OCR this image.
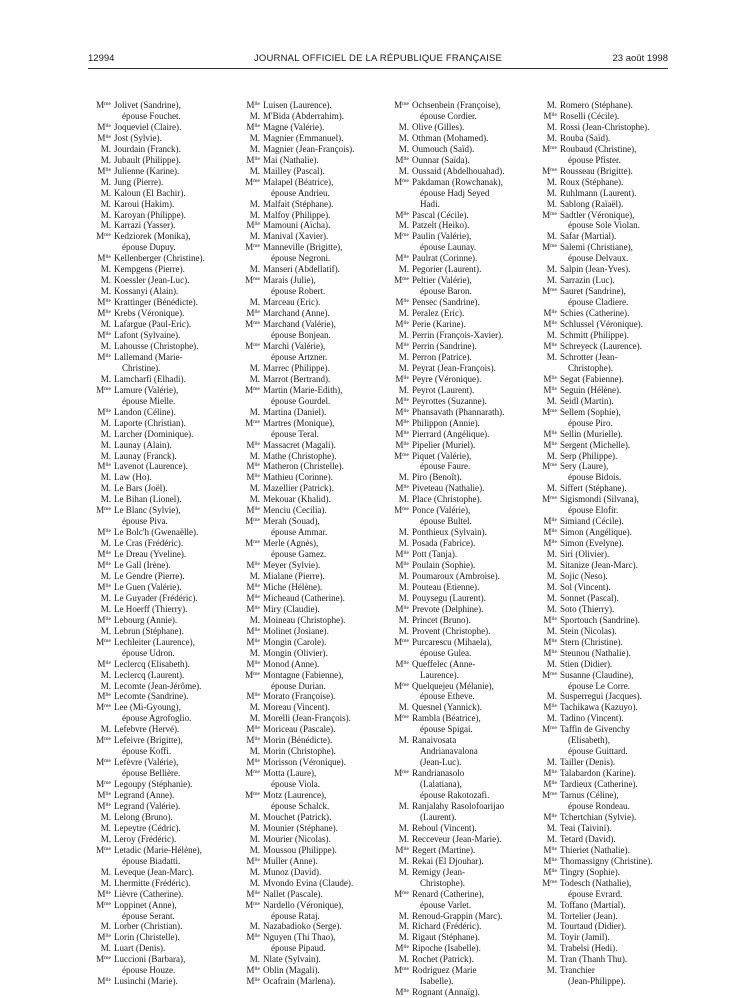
12994	JOURNAL OFFICIEL DE LA RÉPUBLIQUE FRANÇAISE	23 août 1998
$M^{me}$ Jolivet (Sandrine),
épouse Fouchet.
$M^{lle}$ Joqueviel (Claire).
$M^{lle}$ Jost (Sylvie).
M. Jourdain (Franck).
M. Jubault (Philippe).
$M^{lle}$ Julienne (Karine).
M. Jung (Pierre).
M. Kaloun (El Bachir).
M. Karoui (Hakim).
M. Karoyan (Philippe).
M. Karrazi (Yasser).
$M^{me}$ Kedziorek (Monika),
épouse Dupuy.
$M^{lle}$ Kellenberger (Christine).
M. Kempgens (Pierre).
M. Koessler (Jean-Luc).
M. Kossanyi (Alain).
$M^{lle}$ Krattinger (Bénédicte).
$M^{lle}$ Krebs (Véronique).
M. Lafargue (Paul-Eric).
$M^{lle}$ Lafont (Sylvaine).
M. Lahousse (Christophe).
$M^{lle}$ Lallemand (Marie-
Christine).
M. Lamcharfi (Elhadi).
$M^{me}$ Lamure (Valérie),
épouse Mielle.
$M^{lle}$ Landon (Céline).
M. Laporte (Christian).
M. Larcher (Dominique).
M. Launay (Alain).
M. Launay (Franck).
$M^{lle}$ Lavenot (Laurence).
M. Law (Ho).
M. Le Bars (Joël).
M. Le Bihan (Lionel).
$M^{me}$ Le Blanc (Sylvie),
épouse Piva.
$M^{lle}$ Le Bolc'h (Gwenaëlle).
M. Le Cras (Frédéric).
$M^{lle}$ Le Dreau (Yveline).
$M^{lle}$ Le Gall (Irène).
M. Le Gendre (Pierre).
$M^{lle}$ Le Guen (Valérie).
M. Le Guyader (Frédéric).
M. Le Hoerff (Thierry).
$M^{lle}$ Lebourg (Annie).
M. Lebrun (Stéphane).
$M^{me}$ Lechleiter (Laurence),
épouse Udron.
$M^{lle}$ Leclercq (Elisabeth).
M. Leclercq (Laurent).
M. Lecomte (Jean-Jérôme).
$M^{lle}$ Lecomte (Sandrine).
$M^{me}$ Lee (Mi-Gyoung),
épouse Agrofoglio.
M. Lefebvre (Hervé).
$M^{me}$ Lefeivre (Brigitte),
épouse Koffi.
$M^{me}$ Lefèvre (Valérie),
épouse Bellière.
$M^{me}$ Legoupy (Stéphanie).
$M^{lle}$ Legrand (Anne).
$M^{lle}$ Legrand (Valérie).
M. Lelong (Bruno).
M. Lepeytre (Cédric).
M. Leroy (Frédéric).
$M^{me}$ Letadic (Marie-Hélène),
épouse Biadatti.
M. Leveque (Jean-Marc).
M. Lhermitte (Frédéric).
$M^{lle}$ Lièvre (Catherine).
$M^{me}$ Loppinet (Anne),
épouse Serant.
M. Lorber (Christian).
$M^{lle}$ Lorin (Christelle).
M. Luart (Denis).
$M^{me}$ Luccioni (Barbara),
épouse Houze.
$M^{lle}$ Lusinchi (Marie).
$M^{lle}$ Luisen (Laurence).
M. M'Bida (Abderrahim).
$M^{lle}$ Magne (Valérie).
M. Magnier (Emmanuel).
M. Magnier (Jean-François).
$M^{lle}$ Mai (Nathalie).
M. Mailley (Pascal).
$M^{me}$ Malapel (Béatrice),
épouse Andrieu.
M. Malfait (Stéphane).
M. Malfoy (Philippe).
$M^{lle}$ Mamouni (Aïcha).
M. Manival (Xavier).
$M^{me}$ Manneville (Brigitte),
épouse Negroni.
M. Manseri (Abdellatif).
$M^{me}$ Marais (Julie),
épouse Robert.
M. Marceau (Eric).
$M^{lle}$ Marchand (Anne).
$M^{me}$ Marchand (Valérie),
épouse Bonjean.
$M^{me}$ Marchi (Valérie),
épouse Artzner.
M. Marrec (Philippe).
M. Marrot (Bertrand).
$M^{me}$ Martin (Marie-Edith),
épouse Gourdel.
M. Martina (Daniel).
$M^{me}$ Martres (Monique),
épouse Teral.
$M^{lle}$ Massacret (Magali).
M. Mathe (Christophe).
$M^{lle}$ Matheron (Christelle).
$M^{lle}$ Mathieu (Corinne).
M. Mazellier (Patrick).
M. Mekouar (Khalid).
$M^{lle}$ Menciu (Cecilia).
$M^{me}$ Merah (Souad),
épouse Ammar.
$M^{me}$ Merle (Agnès),
épouse Gamez.
$M^{lle}$ Meyer (Sylvie).
M. Mialane (Pierre).
$M^{lle}$ Miche (Hélène).
$M^{lle}$ Micheaud (Catherine).
$M^{lle}$ Miry (Claudie).
M. Moineau (Christophe).
$M^{lle}$ Molinet (Josiane).
$M^{lle}$ Mongin (Carole).
M. Mongin (Olivier).
$M^{lle}$ Monod (Anne).
$M^{me}$ Montagne (Fabienne),
épouse Durian.
$M^{lle}$ Morato (Françoise).
M. Moreau (Vincent).
M. Morelli (Jean-François).
$M^{lle}$ Moriceau (Pascale).
$M^{lle}$ Morin (Bénédicte).
M. Morin (Christophe).
$M^{lle}$ Morisson (Véronique).
$M^{me}$ Motta (Laure),
épouse Viola.
$M^{me}$ Motz (Laurence),
épouse Schalck.
M. Mouchet (Patrick).
M. Mounier (Stéphane).
M. Mourier (Nicolas).
M. Moussou (Philippe).
$M^{lle}$ Muller (Anne).
M. Munoz (David).
M. Mvondo Evina (Claude).
$M^{lle}$ Nallet (Pascale).
$M^{me}$ Nardello (Véronique),
épouse Rataj.
M. Nazabadioko (Serge).
$M^{lle}$ Nguyen (Thi Thao),
épouse Pipaud.
M. Nlate (Sylvain).
$M^{lle}$ Oblin (Magali).
$M^{lle}$ Ocafrain (Marlena).
$M^{me}$ Ochsenbein (Françoise),
épouse Cordier.
M. Olive (Gilles).
M. Othman (Mohamed).
M. Oumouch (Saïd).
$M^{lle}$ Ounnar (Saïda).
M. Oussaid (Abdelhouahad).
$M^{me}$ Pakdaman (Rowchanak),
épouse Hadj Seyed
Hadi.
$M^{lle}$ Pascal (Cécile).
M. Patzelt (Heiko).
$M^{me}$ Paulin (Valérie),
épouse Launay.
$M^{lle}$ Paulrat (Corinne).
M. Pegorier (Laurent).
$M^{me}$ Peltier (Valérie),
épouse Baron.
$M^{lle}$ Pensec (Sandrine).
M. Peralez (Eric).
$M^{lle}$ Perie (Karine).
M. Perrin (François-Xavier).
$M^{lle}$ Perrin (Sandrine).
M. Perron (Patrice).
M. Peyrat (Jean-François).
$M^{lle}$ Peyre (Véronique).
M. Peyrot (Laurent).
$M^{lle}$ Peyrottes (Suzanne).
$M^{lle}$ Phansavath (Phannarath).
$M^{lle}$ Philippon (Annie).
$M^{lle}$ Pierrard (Angélique).
$M^{lle}$ Pipelier (Muriel).
$M^{me}$ Piquet (Valérie),
épouse Faure.
M. Piro (Benoît).
$M^{lle}$ Piveteau (Nathalie).
M. Place (Christophe).
$M^{me}$ Ponce (Valérie),
épouse Bultel.
M. Ponthieux (Sylvain).
M. Posada (Fabrice).
$M^{lle}$ Pott (Tanja).
$M^{lle}$ Poulain (Sophie).
M. Poumaroux (Ambroise).
M. Pouteau (Etienne).
M. Pouysegu (Laurent).
$M^{lle}$ Prevote (Delphine).
M. Princet (Bruno).
M. Provent (Christophe).
$M^{me}$ Purcarescu (Mihaela),
épouse Gulea.
$M^{lle}$ Queffelec (Anne-
Laurence).
$M^{me}$ Quelquejeu (Mélanie),
épouse Etheve.
M. Quesnel (Yannick).
$M^{me}$ Rambla (Béatrice),
épouse Spigai.
M. Ranaivosata
Andrianavalona
(Jean-Luc).
$M^{me}$ Randrianasolo
(Lalatiana),
épouse Rakotozafi.
M. Ranjalahy Rasolofoarijao
(Laurent).
M. Reboul (Vincent).
M. Recceveur (Jean-Marie).
$M^{lle}$ Regert (Martine).
M. Rekai (El Djouhar).
M. Remigy (Jean-
Christophe).
$M^{me}$ Renard (Catherine),
épouse Varlet.
M. Renoud-Grappin (Marc).
M. Richard (Frédéric).
M. Rigaut (Stéphane).
$M^{lle}$ Ripoche (Isabelle).
M. Rochet (Patrick).
$M^{me}$ Rodriguez (Marie
Isabelle).
$M^{lle}$ Rognant (Annaïg).
M. Romero (Stéphane).
$M^{lle}$ Roselli (Cécile).
M. Rossi (Jean-Christophe).
M. Rouba (Saïd).
$M^{me}$ Roubaud (Christine),
épouse Pfister.
$M^{me}$ Rousseau (Brigitte).
M. Roux (Stéphane).
M. Ruhlmann (Laurent).
M. Sablong (Raïaël).
$M^{me}$ Sadtler (Véronique),
épouse Sole Violan.
M. Safar (Martial).
$M^{me}$ Salemi (Christiane),
épouse Delvaux.
M. Salpin (Jean-Yves).
M. Sarrazin (Luc).
$M^{me}$ Sauret (Sandrine),
épouse Cladiere.
$M^{lle}$ Schies (Catherine).
$M^{lle}$ Schlussel (Véronique).
M. Schmitt (Philippe).
$M^{lle}$ Schreyeck (Laurence).
M. Schrotter (Jean-
Christophe).
$M^{lle}$ Segat (Fabienne).
$M^{lle}$ Seguin (Hélène).
M. Seidl (Martin).
$M^{me}$ Sellem (Sophie),
épouse Piro.
$M^{lle}$ Sellin (Murielle).
$M^{lle}$ Sergent (Michelle).
M. Serp (Philippe).
$M^{me}$ Sery (Laure),
épouse Bidois.
M. Siffert (Stéphane).
$M^{me}$ Sigismondi (Silvana),
épouse Elofir.
$M^{lle}$ Simiand (Cécile).
$M^{lle}$ Simon (Angélique).
$M^{lle}$ Simon (Evelyne).
M. Siri (Olivier).
M. Sitanize (Jean-Marc).
M. Sojic (Neso).
M. Sol (Vincent).
M. Sonnet (Pascal).
M. Soto (Thierry).
$M^{lle}$ Sportouch (Sandrine).
M. Stein (Nicolas).
$M^{lle}$ Stern (Christine).
$M^{lle}$ Steunou (Nathalie).
M. Stien (Didier).
$M^{me}$ Susanne (Claudine),
épouse Le Corre.
M. Susperregui (Jacques).
$M^{lle}$ Tachikawa (Kazuyo).
M. Tadino (Vincent).
$M^{me}$ Taffin de Givenchy
(Elisabeth),
épouse Guittard.
M. Tailler (Denis).
$M^{lle}$ Talabardon (Karine).
$M^{lle}$ Tardieux (Catherine).
$M^{me}$ Tarnus (Céline),
épouse Rondeau.
$M^{lle}$ Tchertchian (Sylvie).
M. Teai (Taivini).
M. Tetard (David).
$M^{lle}$ Thieriet (Nathalie).
$M^{lle}$ Thomassigny (Christine).
$M^{lle}$ Tingry (Sophie).
$M^{me}$ Todesch (Nathalie),
épouse Evrard.
M. Toffano (Martial).
M. Tortelier (Jean).
M. Tourtaud (Didier).
M. Toyir (Jamil).
M. Trabelsi (Hedi).
M. Tran (Thanh Thu).
M. Tranchier
(Jean-Philippe).
